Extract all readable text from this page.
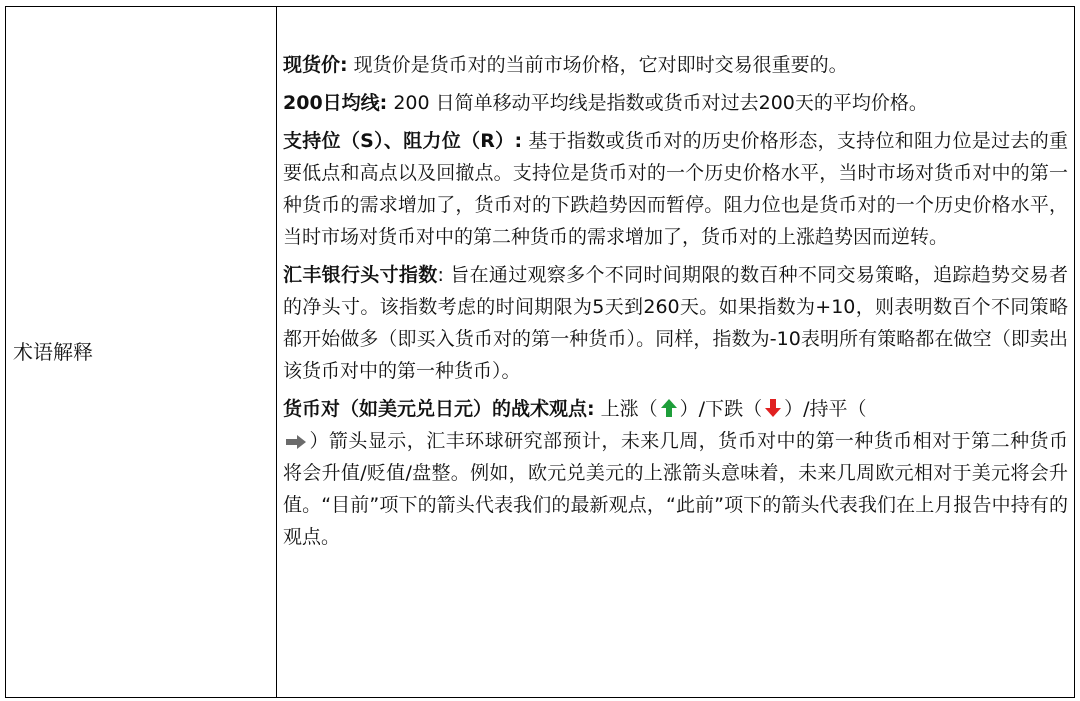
术语解释
现货价: 现货价是货币对的当前市场价格，它对即时交易很重要的。
200日均线: 200 日简单移动平均线是指数或货币对过去200天的平均价格。
支持位（S）、阻力位（R）: 基于指数或货币对的历史价格形态，支持位和阻力位是过去的重要低点和高点以及回撤点。支持位是货币对的一个历史价格水平，当时市场对货币对中的第一种货币的需求增加了，货币对的下跌趋势因而暂停。阻力位也是货币对的一个历史价格水平，当时市场对货币对中的第二种货币的需求增加了，货币对的上涨趋势因而逆转。
汇丰银行头寸指数: 旨在通过观察多个不同时间期限的数百种不同交易策略，追踪趋势交易者的净头寸。该指数考虑的时间期限为5天到260天。如果指数为+10，则表明数百个不同策略都开始做多（即买入货币对的第一种货币）。同样，指数为-10表明所有策略都在做空（即卖出该货币对中的第一种货币）。
货币对（如美元兑日元）的战术观点: 上涨（ ）/下跌（ ）/持平（

）箭头显示，汇丰环球研究部预计，未来几周，货币对中的第一种货币相对于第二种货币将会升值/贬值/盘整。例如，欧元兑美元的上涨箭头意味着，未来几周欧元相对于美元将会升值。“目前”项下的箭头代表我们的最新观点，“此前”项下的箭头代表我们在上月报告中持有的观点。
